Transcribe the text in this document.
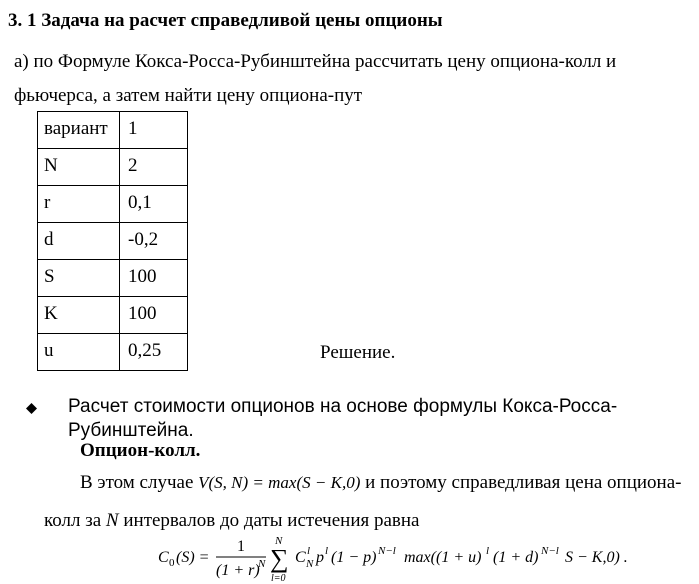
3. 1 Задача на расчет справедливой цены опционы
а) по Формуле Кокса-Росса-Рубинштейна рассчитать цену опциона-колл и
фьючерса, а затем найти цену опциона-пут
вариант	1
N	2
r	0,1
d	-0,2
S	100
K	100
u	0,25	Решение.
Расчет стоимости опционов на основе формулы Кокса-Росса-Рубинштейна.
Опцион-колл.
В этом случае V(S, N) = max(S − K,0) и поэтому справедливая цена опциона-
колл за N интервалов до даты истечения равна
C 0 (S) =
1
(1 + r)
N
N
∑
l=0
C l
N p l (1 − p) N−l max((1 + u) l (1 + d) N−l S − K,0) .
